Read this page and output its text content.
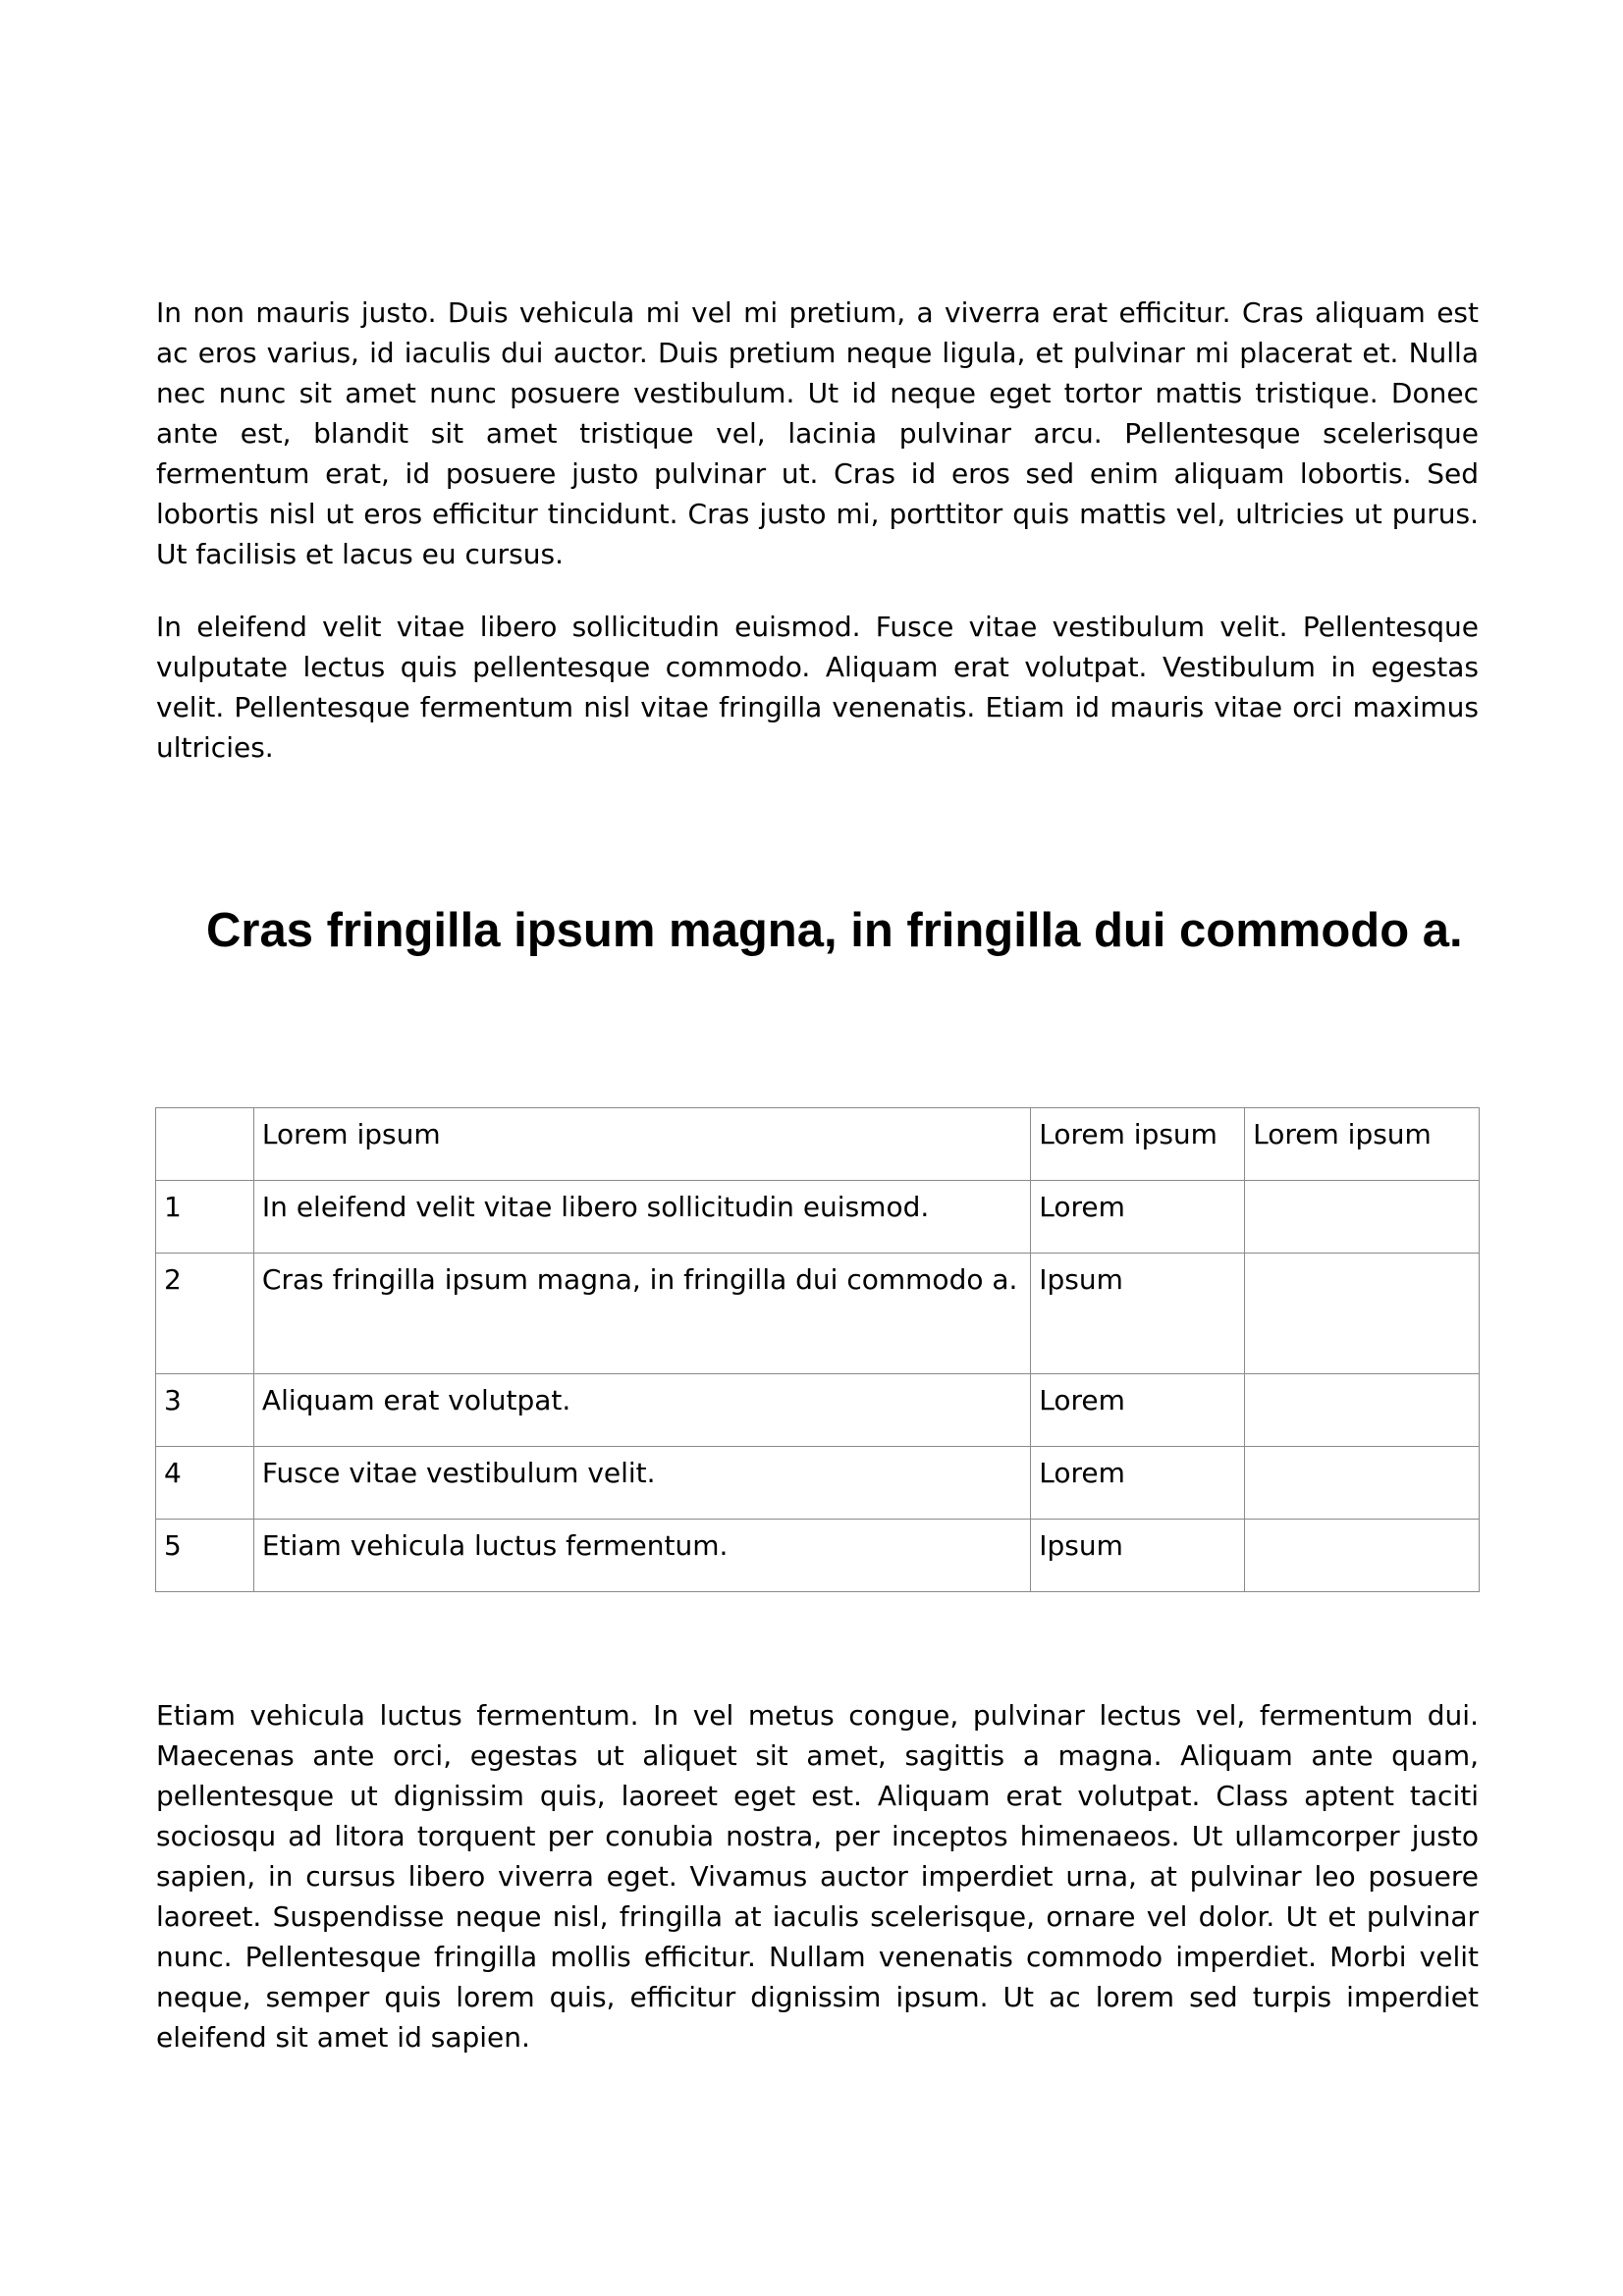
In non mauris justo. Duis vehicula mi vel mi pretium, a viverra erat efficitur. Cras aliquam est ac eros varius, id iaculis dui auctor. Duis pretium neque ligula, et pulvinar mi placerat et. Nulla nec nunc sit amet nunc posuere vestibulum. Ut id neque eget tortor mattis tristique. Donec ante est, blandit sit amet tristique vel, lacinia pulvinar arcu. Pellentesque scelerisque fermentum erat, id posuere justo pulvinar ut. Cras id eros sed enim aliquam lobortis. Sed lobortis nisl ut eros efficitur tincidunt. Cras justo mi, porttitor quis mattis vel, ultricies ut purus. Ut facilisis et lacus eu cursus.

In eleifend velit vitae libero sollicitudin euismod. Fusce vitae vestibulum velit. Pellentesque vulputate lectus quis pellentesque commodo. Aliquam erat volutpat. Vestibulum in egestas velit. Pellentesque fermentum nisl vitae fringilla venenatis. Etiam id mauris vitae orci maximus ultricies.

Cras fringilla ipsum magna, in fringilla dui commodo a.
	Lorem ipsum	Lorem ipsum	Lorem ipsum
1	In eleifend velit vitae libero sollicitudin euismod.	Lorem	
2	Cras fringilla ipsum magna, in fringilla dui commodo a.	Ipsum	
3	Aliquam erat volutpat.	Lorem	
4	Fusce vitae vestibulum velit.	Lorem	
5	Etiam vehicula luctus fermentum.	Ipsum	

Etiam vehicula luctus fermentum. In vel metus congue, pulvinar lectus vel, fermentum dui. Maecenas ante orci, egestas ut aliquet sit amet, sagittis a magna. Aliquam ante quam, pellentesque ut dignissim quis, laoreet eget est. Aliquam erat volutpat. Class aptent taciti sociosqu ad litora torquent per conubia nostra, per inceptos himenaeos. Ut ullamcorper justo sapien, in cursus libero viverra eget. Vivamus auctor imperdiet urna, at pulvinar leo posuere laoreet. Suspendisse neque nisl, fringilla at iaculis scelerisque, ornare vel dolor. Ut et pulvinar nunc. Pellentesque fringilla mollis efficitur. Nullam venenatis commodo imperdiet. Morbi velit neque, semper quis lorem quis, efficitur dignissim ipsum. Ut ac lorem sed turpis imperdiet eleifend sit amet id sapien.
